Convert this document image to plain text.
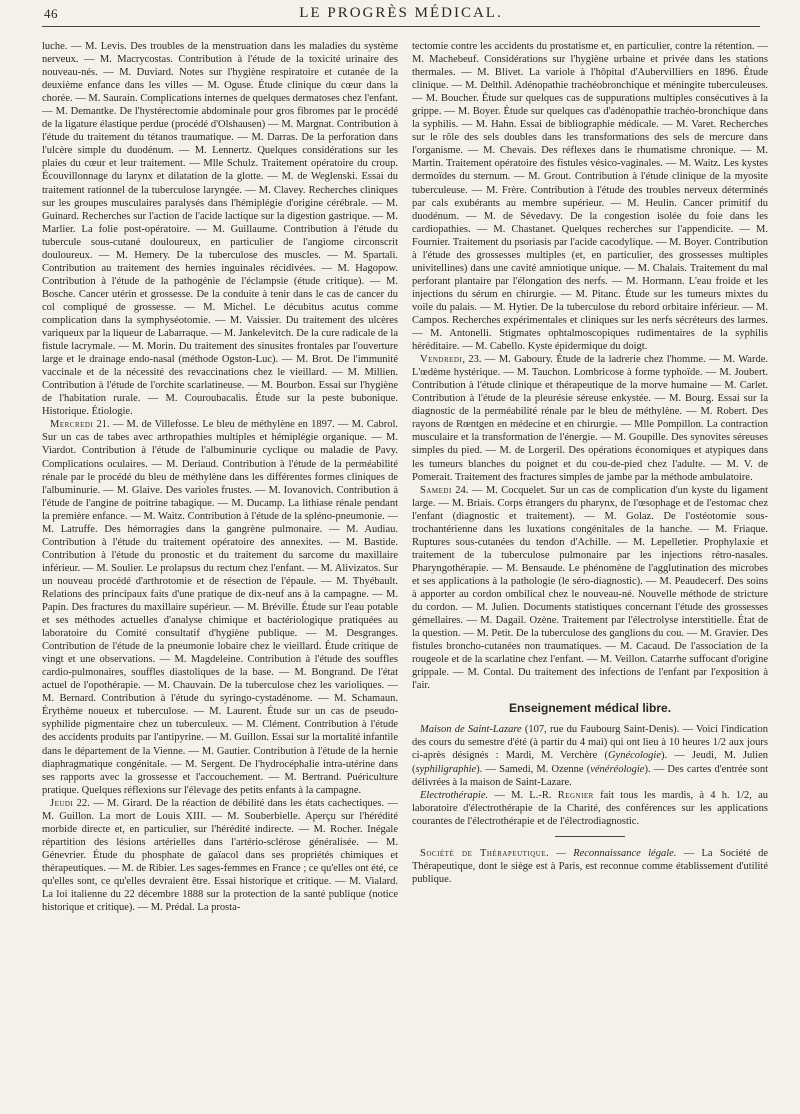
46	LE PROGRÈS MÉDICAL.

luche. — M. Levis. Des troubles de la menstruation dans les maladies du système nerveux. — M. Macrycostas. Contribution à l'étude de la toxicité urinaire des nouveau-nés. — M. Duviard. Notes sur l'hygiène respiratoire et cutanée de la deuxième enfance dans les villes — M. Oguse. Étude clinique du cœur dans la chorée. — M. Saurain. Complications internes de quelques dermatoses chez l'enfant. — M. Demantke. De l'hystérectomie abdominale pour gros fibromes par le procédé de la ligature élastique perdue (procédé d'Olshausen) — M. Margnat. Contribution à l'étude du traitement du tétanos traumatique. — M. Darras. De la perforation dans l'ulcère simple du duodénum. — M. Lennertz. Quelques considérations sur les plaies du cœur et leur traitement. — Mlle Schulz. Traitement opératoire du croup. Écouvillonnage du larynx et dilatation de la glotte. — M. de Weglenski. Essai du traitement rationnel de la tuberculose laryngée. — M. Clavey. Recherches cliniques sur les groupes musculaires paralysés dans l'hémiplégie d'origine cérébrale. — M. Guinard. Recherches sur l'action de l'acide lactique sur la digestion gastrique. — M. Marlier. La folie post-opératoire. — M. Guillaume. Contribution à l'étude du tubercule sous-cutané douloureux, en particulier de l'angiome circonscrit douloureux. — M. Hemery. De la tuberculose des muscles. — M. Spartali. Contribution au traitement des hernies inguinales récidivées. — M. Hagopow. Contribution à l'étude de la pathogénie de l'éclampsie (étude critique). — M. Bosche. Cancer utérin et grossesse. De la conduite à tenir dans le cas de cancer du col compliqué de grossesse. — M. Michel. Le décubitus acutus comme complication dans la symphyséotomie. — M. Vaissier. Du traitement des ulcères variqueux par la liqueur de Labarraque. — M. Jankelevitch. De la cure radicale de la fistule lacrymale. — M. Morin. Du traitement des sinusites frontales par l'ouverture large et le drainage endo-nasal (méthode Ogston-Luc). — M. Brot. De l'immunité vaccinale et de la nécessité des revaccinations chez le vieillard. — M. Millien. Contribution à l'étude de l'orchite scarlatineuse. — M. Bourbon. Essai sur l'hygiène de l'habitation rurale. — M. Couroubacalis. Étude sur la peste bubonique. Historique. Étiologie.

Mercredi 21. — M. de Villefosse. Le bleu de méthylène en 1897. — M. Cabrol. Sur un cas de tabes avec arthropathies multiples et hémiplégie organique. — M. Viardot. Contribution à l'étude de l'albuminurie cyclique ou maladie de Pavy. Complications oculaires. — M. Deriaud. Contribution à l'étude de la perméabilité rénale par le procédé du bleu de méthylène dans les différentes formes cliniques de l'albuminurie. — M. Glaive. Des varioles frustes. — M. Iovanovich. Contribution à l'étude de l'angine de poitrine tabagique. — M. Ducamp. La lithiase rénale pendant la première enfance. — M. Waitz. Contribution à l'étude de la spléno-pneumonie. — M. Latruffe. Des hémorragies dans la gangrène pulmonaire. — M. Audiau. Contribution à l'étude du traitement opératoire des annexites. — M. Bastide. Contribution à l'étude du pronostic et du traitement du sarcome du maxillaire inférieur. — M. Soulier. Le prolapsus du rectum chez l'enfant. — M. Alivizatos. Sur un nouveau procédé d'arthrotomie et de résection de l'épaule. — M. Thyébault. Relations des principaux faits d'une pratique de dix-neuf ans à la campagne. — M. Papin. Des fractures du maxillaire supérieur. — M. Bréville. Étude sur l'eau potable et ses méthodes actuelles d'analyse chimique et bactériologique pratiquées au laboratoire du Comité consultatif d'hygiène publique. — M. Desgranges. Contribution de l'étude de la pneumonie lobaire chez le vieillard. Étude critique de vingt et une observations. — M. Magdeleine. Contribution à l'étude des souffles cardio-pulmonaires, souffles diastoliques de la base. — M. Bongrand. De l'état actuel de l'opothérapie. — M. Chauvain. De la tuberculose chez les varioliques. — M. Bernard. Contribution à l'étude du syringo-cystadénome. — M. Schamaun. Érythème noueux et tuberculose. — M. Laurent. Étude sur un cas de pseudo-syphilide pigmentaire chez un tuberculeux. — M. Clément. Contribution à l'étude des accidents produits par l'antipyrine. — M. Guillon. Essai sur la mortalité infantile dans le département de la Vienne. — M. Gautier. Contribution à l'étude de la hernie diaphragmatique congénitale. — M. Sergent. De l'hydrocéphalie intra-utérine dans ses rapports avec la grossesse et l'accouchement. — M. Bertrand. Puériculture pratique. Quelques réflexions sur l'élevage des petits enfants à la campagne.

Jeudi 22. — M. Girard. De la réaction de débilité dans les états cachectiques. — M. Guillon. La mort de Louis XIII. — M. Souberbielle. Aperçu sur l'hérédité morbide directe et, en particulier, sur l'hérédité indirecte. — M. Rocher. Inégale répartition des lésions artérielles dans l'artério-sclérose généralisée. — M. Génevrier. Étude du phosphate de gaïacol dans ses propriétés chimiques et thérapeutiques. — M. de Ribier. Les sages-femmes en France ; ce qu'elles ont été, ce qu'elles sont, ce qu'elles devraient être. Essai historique et critique. — M. Vialard. La loi italienne du 22 décembre 1888 sur la protection de la santé publique (notice historique et critique). — M. Prédal. La prosta-

tectomie contre les accidents du prostatisme et, en particulier, contre la rétention. — M. Machebeuf. Considérations sur l'hygiène urbaine et privée dans les stations thermales. — M. Blivet. La variole à l'hôpital d'Aubervilliers en 1896. Étude clinique. — M. Delthil. Adénopathie trachéobronchique et méningite tuberculeuses. — M. Boucher. Étude sur quelques cas de suppurations multiples consécutives à la grippe. — M. Boyer. Étude sur quelques cas d'adénopathie trachéo-bronchique dans la syphilis. — M. Hahn. Essai de bibliographie médicale. — M. Varet. Recherches sur le rôle des sels doubles dans les transformations des sels de mercure dans l'organisme. — M. Chevais. Des réflexes dans le rhumatisme chronique. — M. Martin. Traitement opératoire des fistules vésico-vaginales. — M. Waitz. Les kystes dermoïdes du sternum. — M. Grout. Contribution à l'étude clinique de la myosite tuberculeuse. — M. Frère. Contribution à l'étude des troubles nerveux déterminés par cals exubérants au membre supérieur. — M. Heulin. Cancer primitif du duodénum. — M. de Sévedavy. De la congestion isolée du foie dans les cardiopathies. — M. Chastanet. Quelques recherches sur l'appendicite. — M. Fournier. Traitement du psoriasis par l'acide cacodylique. — M. Boyer. Contribution à l'étude des grossesses multiples (et, en particulier, des grossesses multiples univitellines) dans une cavité amniotique unique. — M. Chalais. Traitement du mal perforant plantaire par l'élongation des nerfs. — M. Hormann. L'eau froide et les injections du sérum en chirurgie. — M. Pitanc. Étude sur les tumeurs mixtes du voile du palais. — M. Hytier. De la tuberculose du rebord orbitaire inférieur. — M. Campos. Recherches expérimentales et cliniques sur les nerfs sécréteurs des larmes. — M. Antonelli. Stigmates ophtalmoscopiques rudimentaires de la syphilis héréditaire. — M. Cabello. Kyste épidermique du doigt.

Vendredi, 23. — M. Gaboury. Étude de la ladrerie chez l'homme. — M. Warde. L'œdème hystérique. — M. Tauchon. Lombricose à forme typhoïde. — M. Joubert. Contribution à l'étude clinique et thérapeutique de la morve humaine — M. Carlet. Contribution à l'étude de la pleurésie séreuse enkystée. — M. Bourg. Essai sur la diagnostic de la perméabilité rénale par le bleu de méthylène. — M. Robert. Des rayons de Rœntgen en médecine et en chirurgie. — Mlle Pompillon. La contraction musculaire et la transformation de l'énergie. — M. Goupille. Des synovites séreuses simples du pied. — M. de Lorgeril. Des opérations économiques et atypiques dans les tumeurs blanches du poignet et du cou-de-pied chez l'adulte. — M. V. de Pomerait. Traitement des fractures simples de jambe par la méthode ambulatoire.

Samedi 24. — M. Cocquelet. Sur un cas de complication d'un kyste du ligament large. — M. Briais. Corps étrangers du pharynx, de l'œsophage et de l'estomac chez l'enfant (diagnostic et traitement). — M. Golaz. De l'ostéotomie sous-trochantérienne dans les luxations congénitales de la hanche. — M. Friaque. Ruptures sous-cutanées du tendon d'Achille. — M. Lepelletier. Prophylaxie et traitement de la tuberculose pulmonaire par les injections rétro-nasales. Pharyngothérapie. — M. Bensaude. Le phénomène de l'agglutination des microbes et ses applications à la pathologie (le séro-diagnostic). — M. Peaudecerf. Des soins à apporter au cordon ombilical chez le nouveau-né. Nouvelle méthode de stricture du cordon. — M. Julien. Documents statistiques concernant l'étude des grossesses gémellaires. — M. Dagail. Ozène. Traitement par l'électrolyse interstitielle. État de la question. — M. Petit. De la tuberculose des ganglions du cou. — M. Gravier. Des fistules broncho-cutanées non traumatiques. — M. Cacaud. De l'association de la rougeole et de la scarlatine chez l'enfant. — M. Veillon. Catarrhe suffocant d'origine grippale. — M. Contal. Du traitement des infections de l'enfant par l'exposition à l'air.

Enseignement médical libre.

Maison de Saint-Lazare (107, rue du Faubourg Saint-Denis). — Voici l'indication des cours du semestre d'été (à partir du 4 mai) qui ont lieu à 10 heures 1/2 aux jours ci-après désignés : Mardi, M. Verchère (Gynécologie). — Jeudi, M. Julien (syphiligraphie). — Samedi, M. Ozenne (vénéréologie). — Des cartes d'entrée sont délivrées à la maison de Saint-Lazare.

Electrothérapie. — M. L.-R. Regnier fait tous les mardis, à 4 h. 1/2, au laboratoire d'électrothérapie de la Charité, des conférences sur les applications courantes de l'électrothérapie et de l'électrodiagnostic.

Société de Thérapeutique. — Reconnaissance légale. — La Société de Thérapeutique, dont le siège est à Paris, est reconnue comme établissement d'utilité publique.
